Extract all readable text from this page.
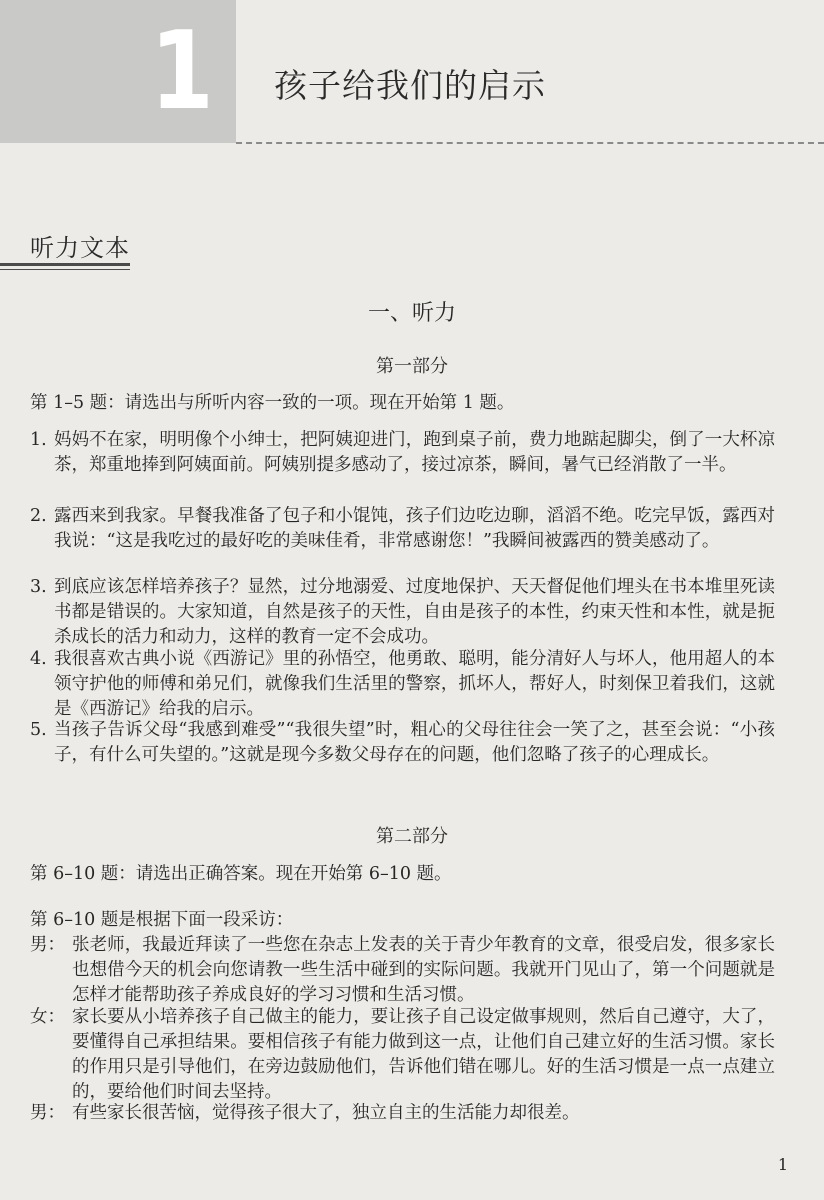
1 孩子给我们的启示
听力文本
一、听力
第一部分
第 1–5 题：请选出与所听内容一致的一项。现在开始第 1 题。
1. 妈妈不在家，明明像个小绅士，把阿姨迎进门，跑到桌子前，费力地踮起脚尖，倒了一大杯凉茶，郑重地捧到阿姨面前。阿姨别提多感动了，接过凉茶，瞬间，暑气已经消散了一半。
2. 露西来到我家。早餐我准备了包子和小馄饨，孩子们边吃边聊，滔滔不绝。吃完早饭，露西对我说：“这是我吃过的最好吃的美味佳肴，非常感谢您！”我瞬间被露西的赞美感动了。
3. 到底应该怎样培养孩子？显然，过分地溺爱、过度地保护、天天督促他们埋头在书本堆里死读书都是错误的。大家知道，自然是孩子的天性，自由是孩子的本性，约束天性和本性，就是扼杀成长的活力和动力，这样的教育一定不会成功。
4. 我很喜欢古典小说《西游记》里的孙悟空，他勇敢、聪明，能分清好人与坏人，他用超人的本领守护他的师傅和弟兄们，就像我们生活里的警察，抓坏人，帮好人，时刻保卫着我们，这就是《西游记》给我的启示。
5. 当孩子告诉父母“我感到难受”“我很失望”时，粗心的父母往往会一笑了之，甚至会说：“小孩子，有什么可失望的。”这就是现今多数父母存在的问题，他们忽略了孩子的心理成长。
第二部分
第 6–10 题：请选出正确答案。现在开始第 6–10 题。
第 6–10 题是根据下面一段采访：
男： 张老师，我最近拜读了一些您在杂志上发表的关于青少年教育的文章，很受启发，很多家长也想借今天的机会向您请教一些生活中碰到的实际问题。我就开门见山了，第一个问题就是怎样才能帮助孩子养成良好的学习习惯和生活习惯。
女： 家长要从小培养孩子自己做主的能力，要让孩子自己设定做事规则，然后自己遵守，大了，要懂得自己承担结果。要相信孩子有能力做到这一点，让他们自己建立好的生活习惯。家长的作用只是引导他们，在旁边鼓励他们，告诉他们错在哪儿。好的生活习惯是一点一点建立的，要给他们时间去坚持。
男： 有些家长很苦恼，觉得孩子很大了，独立自主的生活能力却很差。
1
